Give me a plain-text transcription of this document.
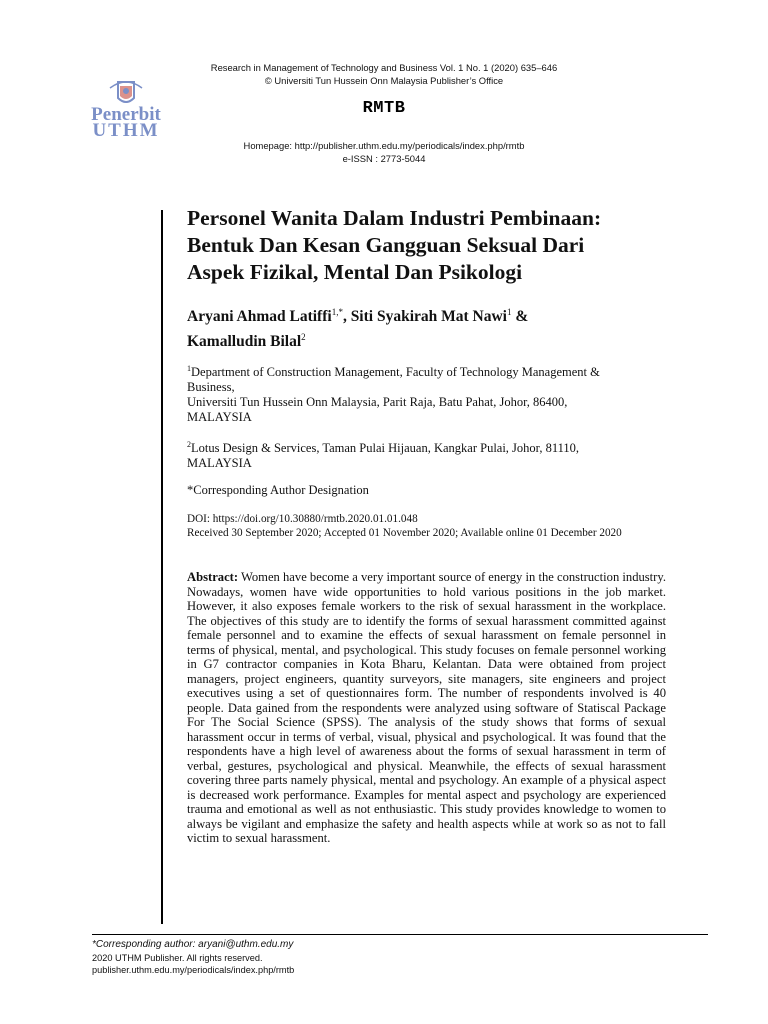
Research in Management of Technology and Business Vol. 1 No. 1 (2020) 635–646
© Universiti Tun Hussein Onn Malaysia Publisher’s Office
Penerbit
UTHM
RMTB
Homepage: http://publisher.uthm.edu.my/periodicals/index.php/rmtb
e-ISSN : 2773-5044
Personel Wanita Dalam Industri Pembinaan:
Bentuk Dan Kesan Gangguan Seksual Dari
Aspek Fizikal, Mental Dan Psikologi
Aryani Ahmad Latiffi$^{1,*}$, Siti Syakirah Mat Nawi$^1$ &
Kamalludin Bilal$^2$
$^1$Department of Construction Management, Faculty of Technology Management &
Business,
Universiti Tun Hussein Onn Malaysia, Parit Raja, Batu Pahat, Johor, 86400,
MALAYSIA
$^2$Lotus Design & Services, Taman Pulai Hijauan, Kangkar Pulai, Johor, 81110,
MALAYSIA
*Corresponding Author Designation
DOI: https://doi.org/10.30880/rmtb.2020.01.01.048
Received 30 September 2020; Accepted 01 November 2020; Available online 01 December 2020
Abstract: Women have become a very important source of energy in the construction industry. Nowadays, women have wide opportunities to hold various positions in the job market. However, it also exposes female workers to the risk of sexual harassment in the workplace. The objectives of this study are to identify the forms of sexual harassment committed against female personnel and to examine the effects of sexual harassment on female personnel in terms of physical, mental, and psychological. This study focuses on female personnel working in G7 contractor companies in Kota Bharu, Kelantan. Data were obtained from project managers, project engineers, quantity surveyors, site managers, site engineers and project executives using a set of questionnaires form. The number of respondents involved is 40 people. Data gained from the respondents were analyzed using software of Statiscal Package For The Social Science (SPSS). The analysis of the study shows that forms of sexual harassment occur in terms of verbal, visual, physical and psychological. It was found that the respondents have a high level of awareness about the forms of sexual harassment in term of verbal, gestures, psychological and physical. Meanwhile, the effects of sexual harassment covering three parts namely physical, mental and psychology. An example of a physical aspect is decreased work performance. Examples for mental aspect and psychology are experienced trauma and emotional as well as not enthusiastic. This study provides knowledge to women to always be vigilant and emphasize the safety and health aspects while at work so as not to fall victim to sexual harassment.
*Corresponding author: aryani@uthm.edu.my
2020 UTHM Publisher. All rights reserved.
publisher.uthm.edu.my/periodicals/index.php/rmtb
